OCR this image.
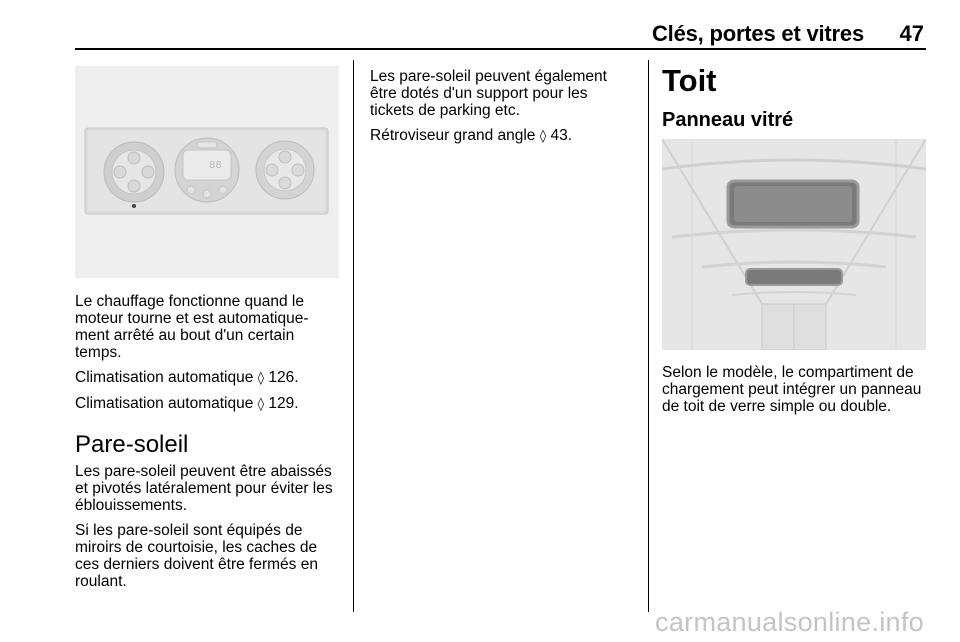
Clés, portes et vitres 47
88

Le chauffage fonctionne quand le moteur tourne et est automatique-ment arrêté au bout d'un certain temps.

Climatisation automatique ◊ 126.

Climatisation automatique ◊ 129.

Pare-soleil

Les pare-soleil peuvent être abaissés et pivotés latéralement pour éviter les éblouissements.

Si les pare-soleil sont équipés de miroirs de courtoisie, les caches de ces derniers doivent être fermés en roulant.

Les pare-soleil peuvent également être dotés d'un support pour les tickets de parking etc.

Rétroviseur grand angle ◊ 43.

Toit
Panneau vitré

Selon le modèle, le compartiment de chargement peut intégrer un panneau de toit de verre simple ou double.

carmanualsonline.info
